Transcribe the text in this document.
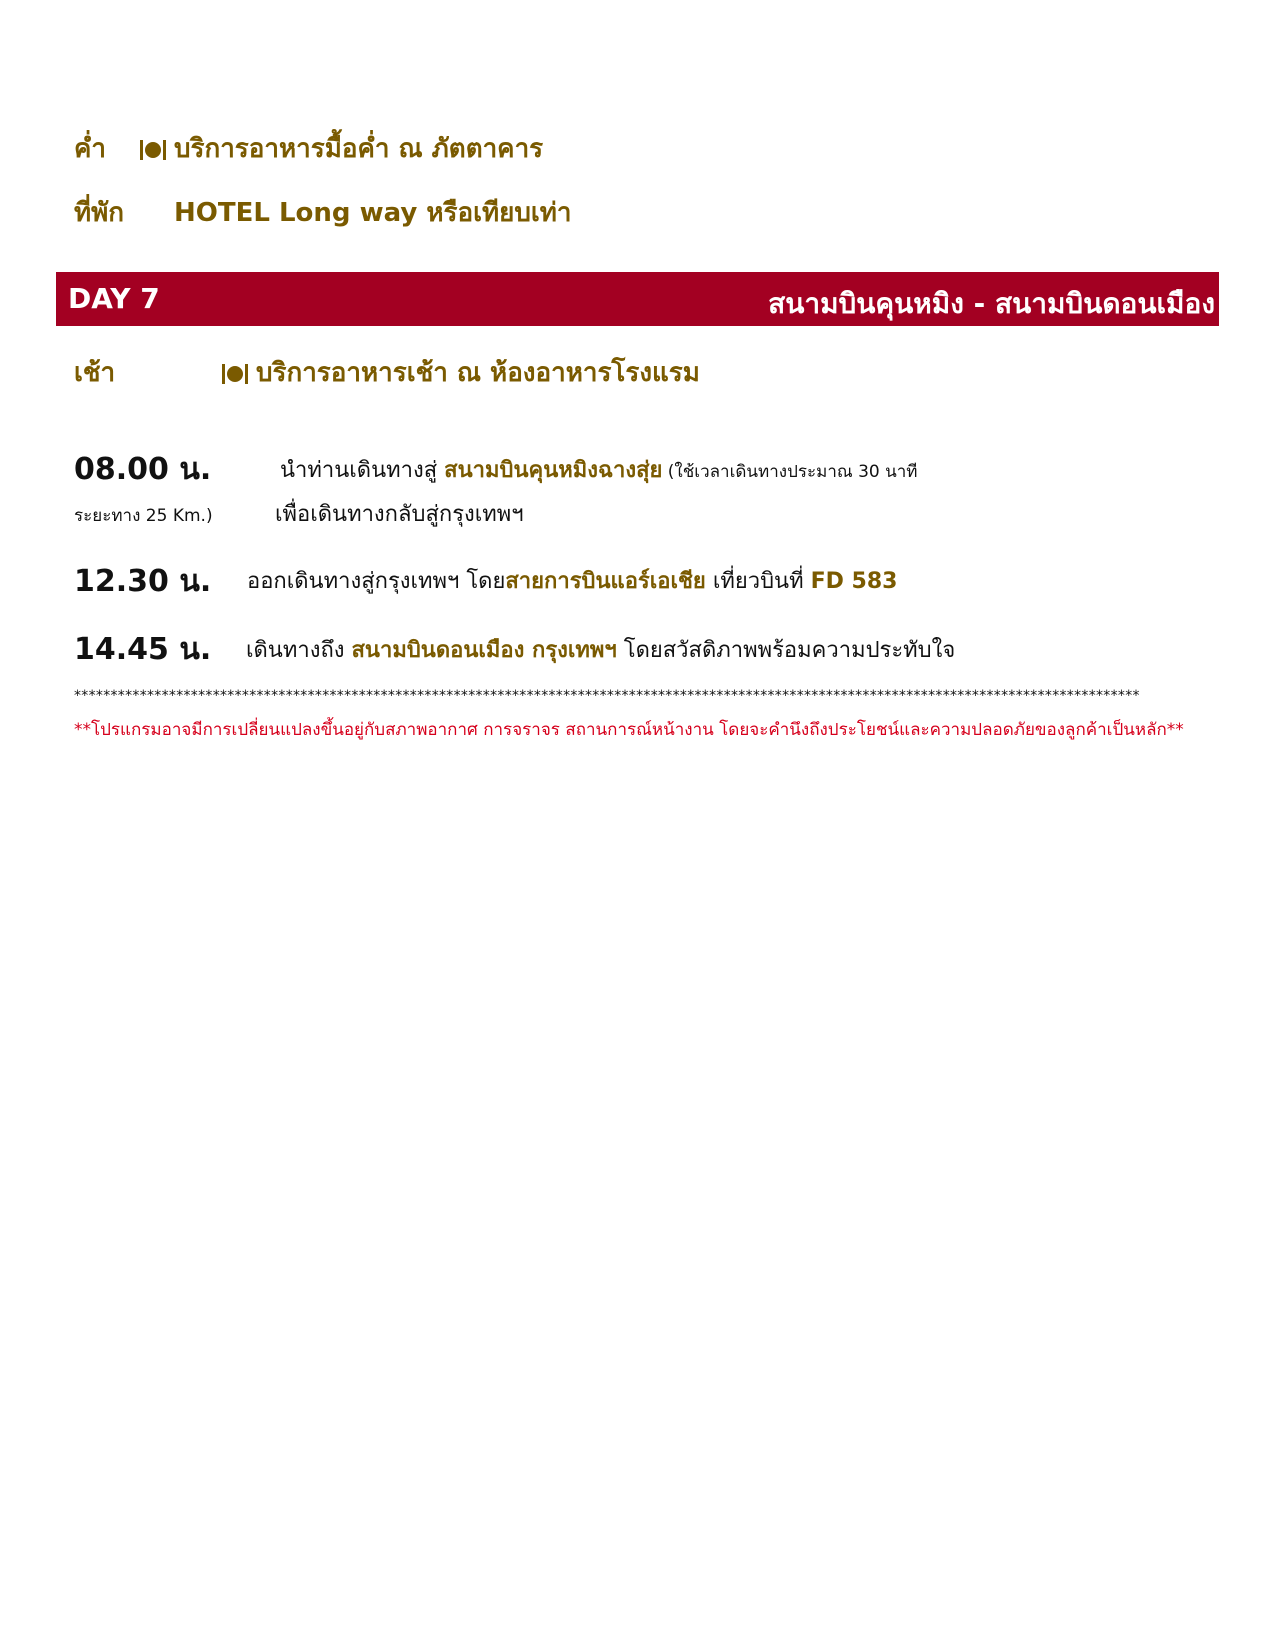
ค่ำ	บริการอาหารมื้อค่ำ ณ ภัตตาคาร
ที่พัก HOTEL Long way หรือเทียบเท่า
DAY 7	สนามบินคุนหมิง - สนามบินดอนเมือง
เช้า	บริการอาหารเช้า ณ ห้องอาหารโรงแรม
08.00 น.	นำท่านเดินทางสู่ สนามบินคุนหมิงฉางสุ่ย (ใช้เวลาเดินทางประมาณ 30 นาที
ระยะทาง 25 Km.)	เพื่อเดินทางกลับสู่กรุงเทพฯ
12.30 น. ออกเดินทางสู่กรุงเทพฯ โดยสายการบินแอร์เอเชีย เที่ยวบินที่ FD 583
14.45 น. เดินทางถึง สนามบินดอนเมือง กรุงเทพฯ โดยสวัสดิภาพพร้อมความประทับใจ
**************************************************************************************************************************************************
**โปรแกรมอาจมีการเปลี่ยนแปลงขึ้นอยู่กับสภาพอากาศ การจราจร สถานการณ์หน้างาน โดยจะคำนึงถึงประโยชน์และความปลอดภัยของลูกค้าเป็นหลัก**
